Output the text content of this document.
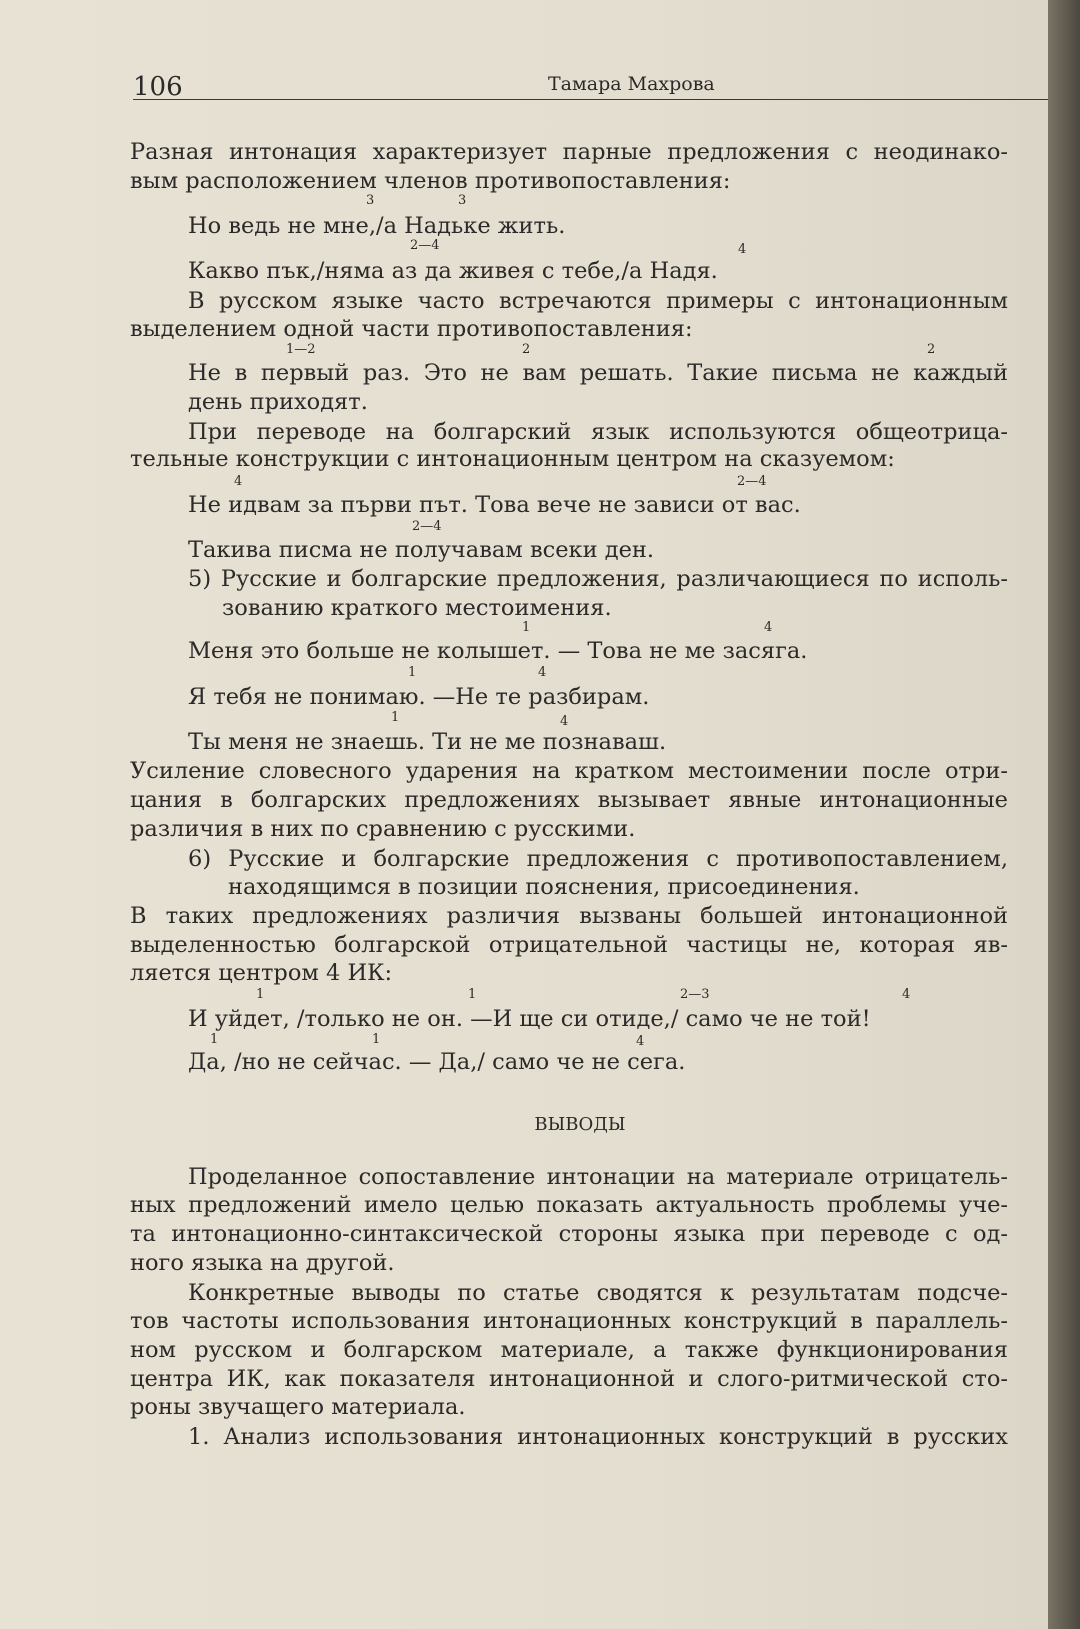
106	Тамара Махрова
Разная интонация характеризует парные предложения с неодинако-
вым расположением членов противопоставления:
3	3
Но ведь не мне,/а Надьке жить.
2—4	4
Какво пък,/няма аз да живея с тебе,/а Надя.
В русском языке часто встречаются примеры с интонационным
выделением одной части противопоставления:
1—2	2	2
Не в первый раз. Это не вам решать. Такие письма не каждый
день приходят.
При переводе на болгарский язык используются общеотрица-
тельные конструкции с интонационным центром на сказуемом:
4	2—4
Не идвам за първи път. Това вече не зависи от вас.
2—4
Такива писма не получавам всеки ден.
5) Русские и болгарские предложения, различающиеся по исполь-
зованию краткого местоимения.
1	4
Меня это больше не колышет. — Това не ме засяга.
1	4
Я тебя не понимаю. —Не те разбирам.
1	4
Ты меня не знаешь. Ти не ме познаваш.
Усиление словесного ударения на кратком местоимении после отри-
цания в болгарских предложениях вызывает явные интонационные
различия в них по сравнению с русскими.
6) Русские и болгарские предложения с противопоставлением,
находящимся в позиции пояснения, присоединения.
В таких предложениях различия вызваны большей интонационной
выделенностью болгарской отрицательной частицы не, которая яв-
ляется центром 4 ИК:
1	1	2—3	4
И уйдет, /только не он. —И ще си отиде,/ само че не той!
1	1	4
Да, /но не сейчас. — Да,/ само че не сега.
ВЫВОДЫ
Проделанное сопоставление интонации на материале отрицатель-
ных предложений имело целью показать актуальность проблемы уче-
та интонационно-синтаксической стороны языка при переводе с од-
ного языка на другой.
Конкретные выводы по статье сводятся к результатам подсче-
тов частоты использования интонационных конструкций в параллель-
ном русском и болгарском материале, а также функционирования
центра ИК, как показателя интонационной и слого-ритмической сто-
роны звучащего материала.
1. Анализ использования интонационных конструкций в русских
